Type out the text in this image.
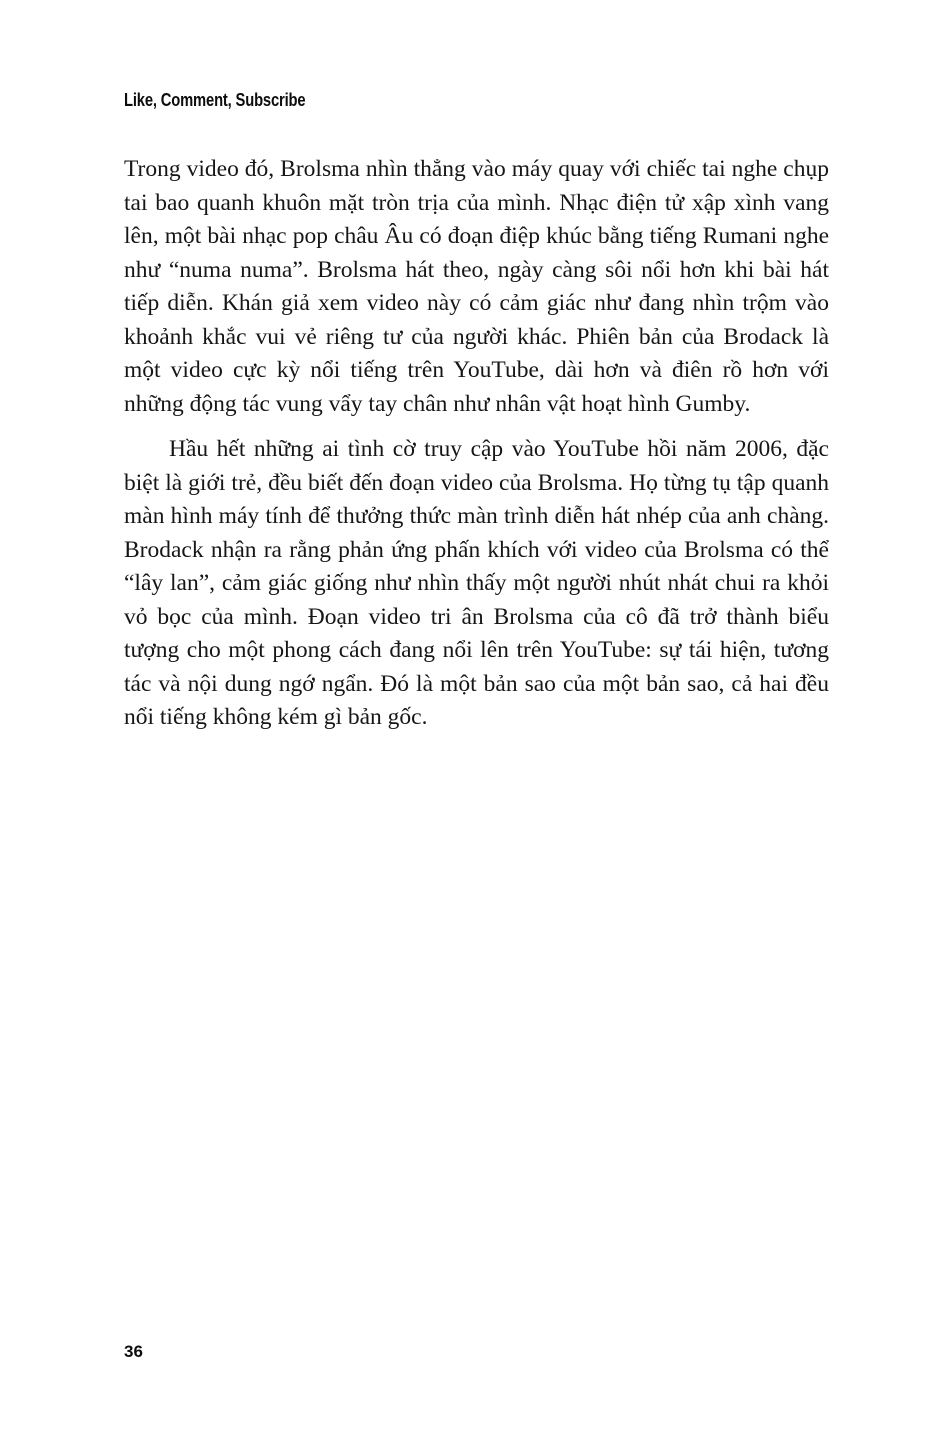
Like, Comment, Subscribe

Trong video đó, Brolsma nhìn thẳng vào máy quay với chiếc tai nghe chụp tai bao quanh khuôn mặt tròn trịa của mình. Nhạc điện tử xập xình vang lên, một bài nhạc pop châu Âu có đoạn điệp khúc bằng tiếng Rumani nghe như “numa numa”. Brolsma hát theo, ngày càng sôi nổi hơn khi bài hát tiếp diễn. Khán giả xem video này có cảm giác như đang nhìn trộm vào khoảnh khắc vui vẻ riêng tư của người khác. Phiên bản của Brodack là một video cực kỳ nổi tiếng trên YouTube, dài hơn và điên rồ hơn với những động tác vung vẩy tay chân như nhân vật hoạt hình Gumby.

Hầu hết những ai tình cờ truy cập vào YouTube hồi năm 2006, đặc biệt là giới trẻ, đều biết đến đoạn video của Brolsma. Họ từng tụ tập quanh màn hình máy tính để thưởng thức màn trình diễn hát nhép của anh chàng. Brodack nhận ra rằng phản ứng phấn khích với video của Brolsma có thể “lây lan”, cảm giác giống như nhìn thấy một người nhút nhát chui ra khỏi vỏ bọc của mình. Đoạn video tri ân Brolsma của cô đã trở thành biểu tượng cho một phong cách đang nổi lên trên YouTube: sự tái hiện, tương tác và nội dung ngớ ngẩn. Đó là một bản sao của một bản sao, cả hai đều nổi tiếng không kém gì bản gốc.

36
